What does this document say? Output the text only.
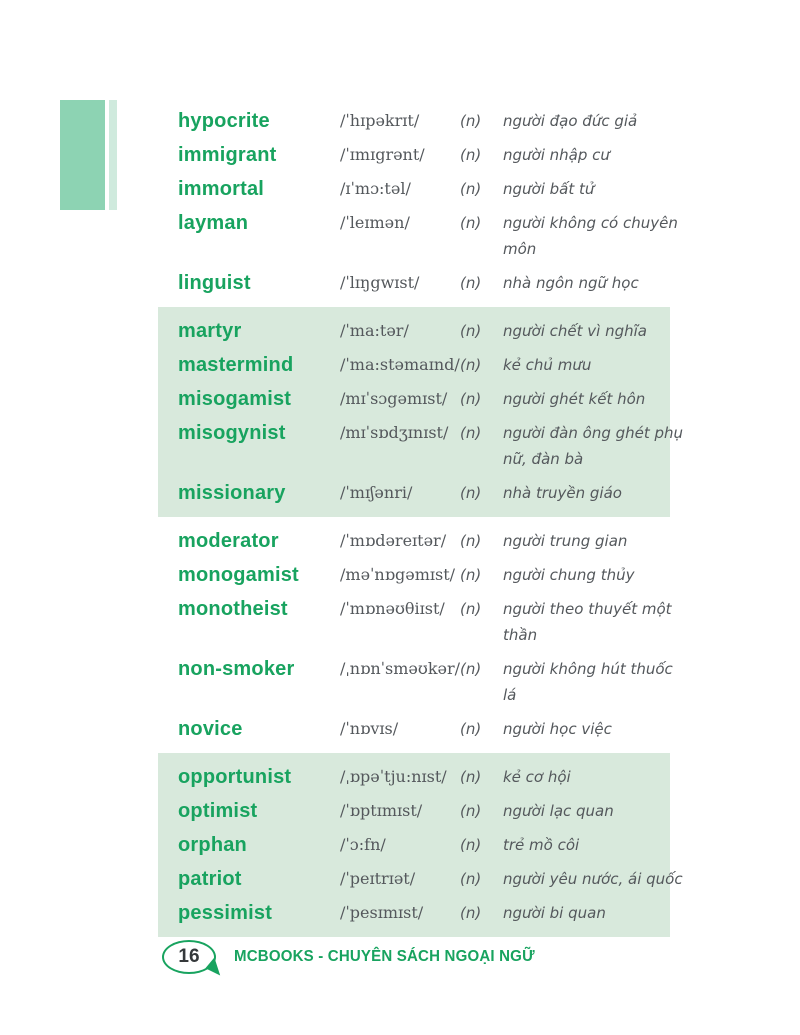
hypocrite	/ˈhɪpəkrɪt/	(n)	người đạo đức giả
immigrant	/ˈɪmɪgrənt/	(n)	người nhập cư
immortal	/ɪˈmɔ:təl/	(n)	người bất tử
layman	/ˈleɪmən/	(n)	người không có chuyên môn
linguist	/ˈlɪŋgwɪst/	(n)	nhà ngôn ngữ học
martyr	/ˈma:tər/	(n)	người chết vì nghĩa
mastermind	/ˈma:stəmaɪnd/ (n)	kẻ chủ mưu
misogamist	/mɪˈsɔgəmɪst/ (n)	người ghét kết hôn
misogynist	/mɪˈsɒdʒɪnɪst/ (n)	người đàn ông ghét phụ nữ, đàn bà
missionary	/ˈmɪʃənri/	(n)	nhà truyền giáo
moderator	/ˈmɒdəreɪtər/ (n)	người trung gian
monogamist	/məˈnɒgəmɪst/ (n)	người chung thủy
monotheist	/ˈmɒnəʊθiɪst/	(n)	người theo thuyết một thần
non-smoker	/ˌnɒnˈsməʊkər/ (n)	người không hút thuốc lá
novice	/ˈnɒvɪs/	(n)	người học việc
opportunist	/ˌɒpəˈtju:nɪst/ (n)	kẻ cơ hội
optimist	/ˈɒptɪmɪst/	(n)	người lạc quan
orphan	/ˈɔ:fn/	(n)	trẻ mồ côi
patriot	/ˈpeɪtrɪət/	(n)	người yêu nước, ái quốc
pessimist	/ˈpesɪmɪst/	(n)	người bi quan
16 MCBOOKS - CHUYÊN SÁCH NGOẠI NGỮ
